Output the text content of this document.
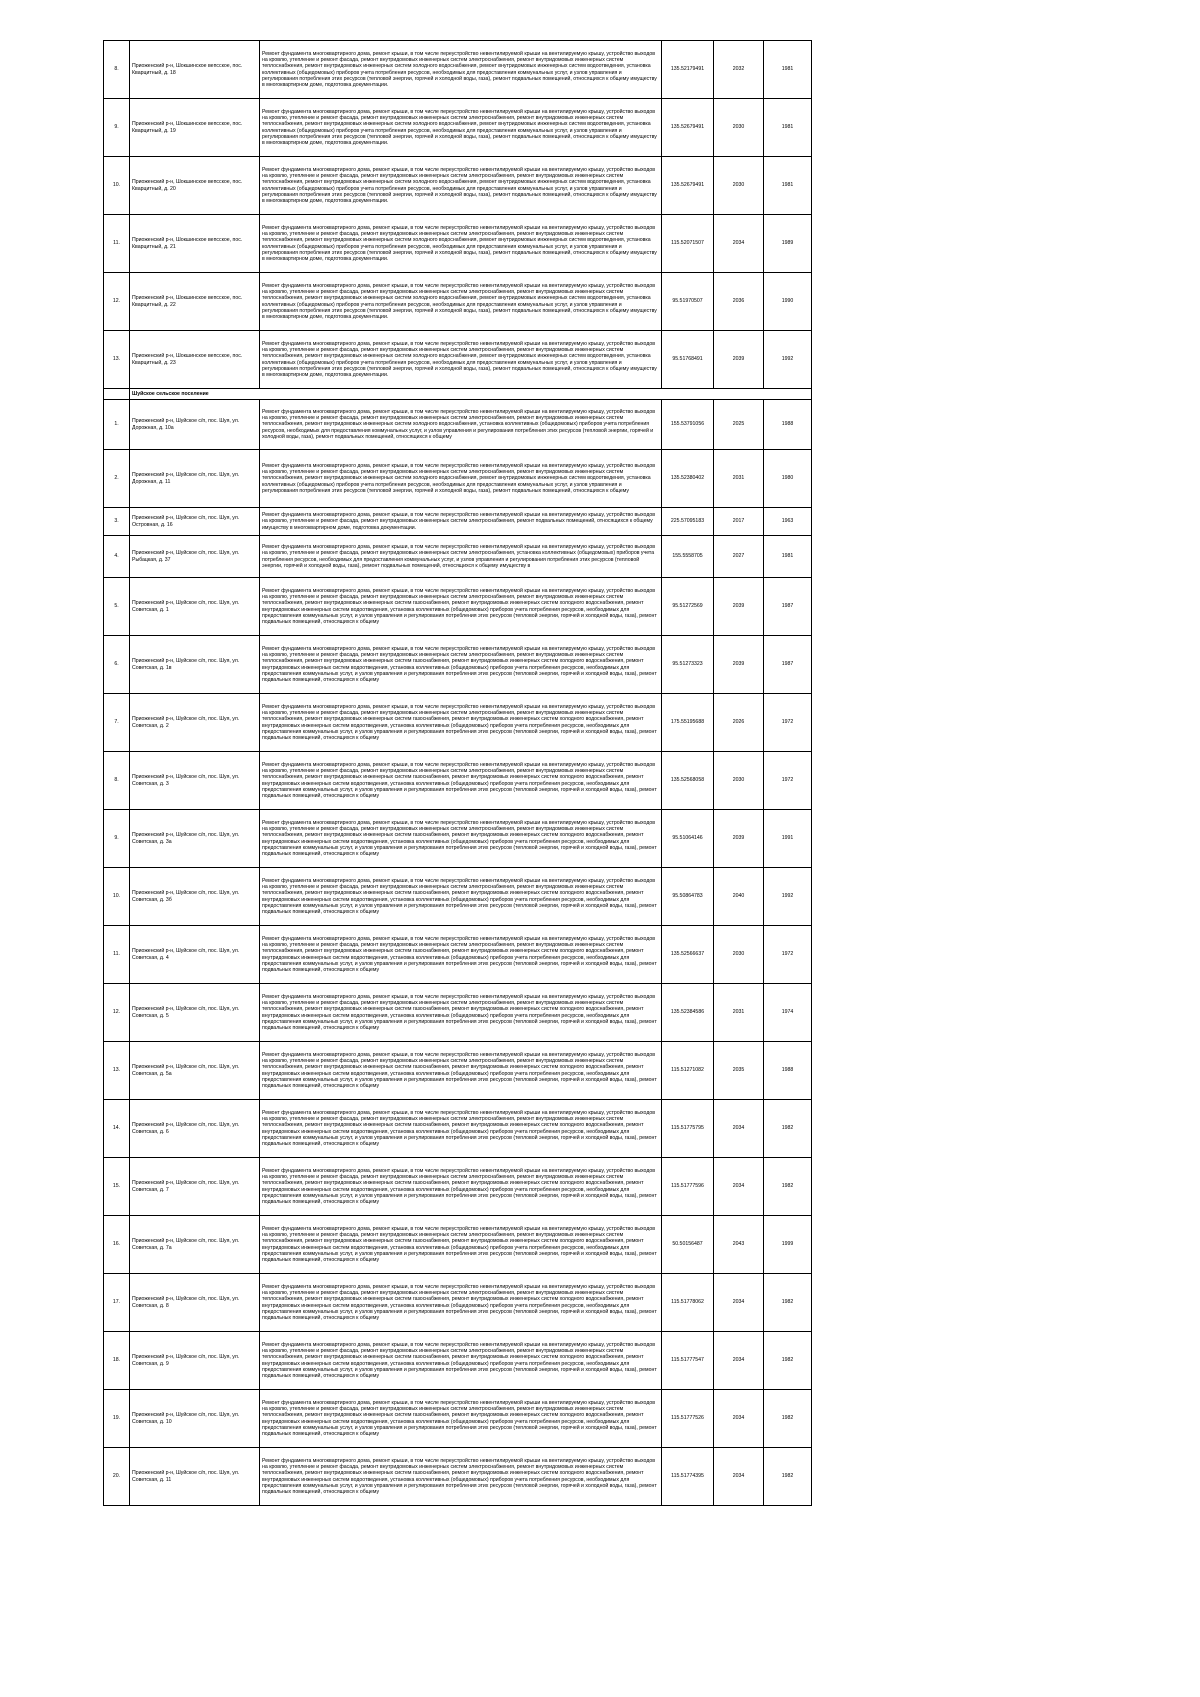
8.	Приоженский р-н, Шокшинское вепсское, пос. Кварцитный, д. 18	Ремонт фундамента многоквартирного дома, ремонт крыши, в том числе переустройство невентилируемой крыши на вентилируемую крышу, устройство выходов на кровлю, утепление и ремонт фасада, ремонт внутридомовых инженерных систем электроснабжения, ремонт внутридомовых инженерных систем теплоснабжения, ремонт внутридомовых инженерных систем холодного водоснабжения, ремонт внутридомовых инженерных систем водоотведения, установка коллективных (общедомовых) приборов учета потребления ресурсов, необходимых для предоставления коммунальных услуг, и узлов управления и регулирования потребления этих ресурсов (тепловой энергии, горячей и холодной воды, газа), ремонт подвальных помещений, относящихся к общему имуществу в многоквартирном доме, подготовка документации.	135.52179491	2032	1981
9.	Приоженский р-н, Шокшинское вепсское, пос. Кварцитный, д. 19	Ремонт фундамента многоквартирного дома, ремонт крыши, в том числе переустройство невентилируемой крыши на вентилируемую крышу, устройство выходов на кровлю, утепление и ремонт фасада, ремонт внутридомовых инженерных систем электроснабжения, ремонт внутридомовых инженерных систем теплоснабжения, ремонт внутридомовых инженерных систем холодного водоснабжения, ремонт внутридомовых инженерных систем водоотведения, установка коллективных (общедомовых) приборов учета потребления ресурсов, необходимых для предоставления коммунальных услуг, и узлов управления и регулирования потребления этих ресурсов (тепловой энергии, горячей и холодной воды, газа), ремонт подвальных помещений, относящихся к общему имуществу в многоквартирном доме, подготовка документации.	135.52679491	2030	1981
10.	Приоженский р-н, Шокшинское вепсское, пос. Кварцитный, д. 20	Ремонт фундамента многоквартирного дома, ремонт крыши, в том числе переустройство невентилируемой крыши на вентилируемую крышу, устройство выходов на кровлю, утепление и ремонт фасада, ремонт внутридомовых инженерных систем электроснабжения, ремонт внутридомовых инженерных систем теплоснабжения, ремонт внутридомовых инженерных систем холодного водоснабжения, ремонт внутридомовых инженерных систем водоотведения, установка коллективных (общедомовых) приборов учета потребления ресурсов, необходимых для предоставления коммунальных услуг, и узлов управления и регулирования потребления этих ресурсов (тепловой энергии, горячей и холодной воды, газа), ремонт подвальных помещений, относящихся к общему имуществу в многоквартирном доме, подготовка документации.	135.52679491	2030	1981
11.	Приоженский р-н, Шокшинское вепсское, пос. Кварцитный, д. 21	Ремонт фундамента многоквартирного дома, ремонт крыши, в том числе переустройство невентилируемой крыши на вентилируемую крышу, устройство выходов на кровлю, утепление и ремонт фасада, ремонт внутридомовых инженерных систем электроснабжения, ремонт внутридомовых инженерных систем теплоснабжения, ремонт внутридомовых инженерных систем холодного водоснабжения, ремонт внутридомовых инженерных систем водоотведения, установка коллективных (общедомовых) приборов учета потребления ресурсов, необходимых для предоставления коммунальных услуг, и узлов управления и регулирования потребления этих ресурсов (тепловой энергии, горячей и холодной воды, газа), ремонт подвальных помещений, относящихся к общему имуществу в многоквартирном доме, подготовка документации.	115.52071507	2034	1989
12.	Приоженский р-н, Шокшинское вепсское, пос. Кварцитный, д. 22	Ремонт фундамента многоквартирного дома, ремонт крыши, в том числе переустройство невентилируемой крыши на вентилируемую крышу, устройство выходов на кровлю, утепление и ремонт фасада, ремонт внутридомовых инженерных систем электроснабжения, ремонт внутридомовых инженерных систем теплоснабжения, ремонт внутридомовых инженерных систем холодного водоснабжения, ремонт внутридомовых инженерных систем водоотведения, установка коллективных (общедомовых) приборов учета потребления ресурсов, необходимых для предоставления коммунальных услуг, и узлов управления и регулирования потребления этих ресурсов (тепловой энергии, горячей и холодной воды, газа), ремонт подвальных помещений, относящихся к общему имуществу в многоквартирном доме, подготовка документации.	95.51970507	2036	1990
13.	Приоженский р-н, Шокшинское вепсское, пос. Кварцитный, д. 23	Ремонт фундамента многоквартирного дома, ремонт крыши, в том числе переустройство невентилируемой крыши на вентилируемую крышу, устройство выходов на кровлю, утепление и ремонт фасада, ремонт внутридомовых инженерных систем электроснабжения, ремонт внутридомовых инженерных систем теплоснабжения, ремонт внутридомовых инженерных систем холодного водоснабжения, ремонт внутридомовых инженерных систем водоотведения, установка коллективных (общедомовых) приборов учета потребления ресурсов, необходимых для предоставления коммунальных услуг, и узлов управления и регулирования потребления этих ресурсов (тепловой энергии, горячей и холодной воды, газа), ремонт подвальных помещений, относящихся к общему имуществу в многоквартирном доме, подготовка документации.	95.51768491	2039	1992
	Шуйское сельское поселение				
1.	Приоженский р-н, Шуйское с/п, пос. Шуя, ул. Дорожная, д. 10а	Ремонт фундамента многоквартирного дома, ремонт крыши, в том числе переустройство невентилируемой крыши на вентилируемую крышу, устройство выходов на кровлю, утепление и ремонт фасада, ремонт внутридомовых инженерных систем электроснабжения, ремонт внутридомовых инженерных систем теплоснабжения, ремонт внутридомовых инженерных систем холодного водоснабжения, установка коллективных (общедомовых) приборов учета потребления ресурсов, необходимых для предоставления коммунальных услуг, и узлов управления и регулирования потребления этих ресурсов (тепловой энергии, горячей и холодной воды, газа), ремонт подвальных помещений, относящихся к общему	155.53791056	2025	1988
2.	Приоженский р-н, Шуйское с/п, пос. Шуя, ул. Дорожная, д. 11	Ремонт фундамента многоквартирного дома, ремонт крыши, в том числе переустройство невентилируемой крыши на вентилируемую крышу, устройство выходов на кровлю, утепление и ремонт фасада, ремонт внутридомовых инженерных систем электроснабжения, ремонт внутридомовых инженерных систем теплоснабжения, ремонт внутридомовых инженерных систем холодного водоснабжения, ремонт внутридомовых инженерных систем водоотведения, установка коллективных (общедомовых) приборов учета потребления ресурсов, необходимых для предоставления коммунальных услуг, и узлов управления и регулирования потребления этих ресурсов (тепловой энергии, горячей и холодной воды, газа), ремонт подвальных помещений, относящихся к общему	135.52380402	2031	1980
3.	Приоженский р-н, Шуйское с/п, пос. Шуя, ул. Островная, д. 16	Ремонт фундамента многоквартирного дома, ремонт крыши, в том числе переустройство невентилируемой крыши на вентилируемую крышу, устройство выходов на кровлю, утепление и ремонт фасада, ремонт внутридомовых инженерных систем электроснабжения, ремонт подвальных помещений, относящихся к общему имуществу в многоквартирном доме, подготовка документации.	225.57095183	2017	1963
4.	Приоженский р-н, Шуйское с/п, пос. Шуя, ул. Рыбацкая, д. 37	Ремонт фундамента многоквартирного дома, ремонт крыши, в том числе переустройство невентилируемой крыши на вентилируемую крышу, устройство выходов на кровлю, утепление и ремонт фасада, ремонт внутридомовых инженерных систем электроснабжения, установка коллективных (общедомовых) приборов учета потребления ресурсов, необходимых для предоставления коммунальных услуг, и узлов управления и регулирования потребления этих ресурсов (тепловой энергии, горячей и холодной воды, газа), ремонт подвальных помещений, относящихся к общему имуществу в	155.5558705	2027	1981
5.	Приоженский р-н, Шуйское с/п, пос. Шуя, ул. Советская, д. 1	Ремонт фундамента многоквартирного дома, ремонт крыши, в том числе переустройство невентилируемой крыши на вентилируемую крышу, устройство выходов на кровлю, утепление и ремонт фасада, ремонт внутридомовых инженерных систем электроснабжения, ремонт внутридомовых инженерных систем теплоснабжения, ремонт внутридомовых инженерных систем газоснабжения, ремонт внутридомовых инженерных систем холодного водоснабжения, ремонт внутридомовых инженерных систем водоотведения, установка коллективных (общедомовых) приборов учета потребления ресурсов, необходимых для предоставления коммунальных услуг, и узлов управления и регулирования потребления этих ресурсов (тепловой энергии, горячей и холодной воды, газа), ремонт подвальных помещений, относящихся к общему	95.51272569	2039	1987
6.	Приоженский р-н, Шуйское с/п, пос. Шуя, ул. Советская, д. 1в	Ремонт фундамента многоквартирного дома, ремонт крыши, в том числе переустройство невентилируемой крыши на вентилируемую крышу, устройство выходов на кровлю, утепление и ремонт фасада, ремонт внутридомовых инженерных систем электроснабжения, ремонт внутридомовых инженерных систем теплоснабжения, ремонт внутридомовых инженерных систем газоснабжения, ремонт внутридомовых инженерных систем холодного водоснабжения, ремонт внутридомовых инженерных систем водоотведения, установка коллективных (общедомовых) приборов учета потребления ресурсов, необходимых для предоставления коммунальных услуг, и узлов управления и регулирования потребления этих ресурсов (тепловой энергии, горячей и холодной воды, газа), ремонт подвальных помещений, относящихся к общему	95.51273323	2039	1987
7.	Приоженский р-н, Шуйское с/п, пос. Шуя, ул. Советская, д. 2	Ремонт фундамента многоквартирного дома, ремонт крыши, в том числе переустройство невентилируемой крыши на вентилируемую крышу, устройство выходов на кровлю, утепление и ремонт фасада, ремонт внутридомовых инженерных систем электроснабжения, ремонт внутридомовых инженерных систем теплоснабжения, ремонт внутридомовых инженерных систем газоснабжения, ремонт внутридомовых инженерных систем холодного водоснабжения, ремонт внутридомовых инженерных систем водоотведения, установка коллективных (общедомовых) приборов учета потребления ресурсов, необходимых для предоставления коммунальных услуг, и узлов управления и регулирования потребления этих ресурсов (тепловой энергии, горячей и холодной воды, газа), ремонт подвальных помещений, относящихся к общему	175.55195688	2026	1972
8.	Приоженский р-н, Шуйское с/п, пос. Шуя, ул. Советская, д. 3	Ремонт фундамента многоквартирного дома, ремонт крыши, в том числе переустройство невентилируемой крыши на вентилируемую крышу, устройство выходов на кровлю, утепление и ремонт фасада, ремонт внутридомовых инженерных систем электроснабжения, ремонт внутридомовых инженерных систем теплоснабжения, ремонт внутридомовых инженерных систем газоснабжения, ремонт внутридомовых инженерных систем холодного водоснабжения, ремонт внутридомовых инженерных систем водоотведения, установка коллективных (общедомовых) приборов учета потребления ресурсов, необходимых для предоставления коммунальных услуг, и узлов управления и регулирования потребления этих ресурсов (тепловой энергии, горячей и холодной воды, газа), ремонт подвальных помещений, относящихся к общему	135.52568058	2030	1972
9.	Приоженский р-н, Шуйское с/п, пос. Шуя, ул. Советская, д. 3а	Ремонт фундамента многоквартирного дома, ремонт крыши, в том числе переустройство невентилируемой крыши на вентилируемую крышу, устройство выходов на кровлю, утепление и ремонт фасада, ремонт внутридомовых инженерных систем электроснабжения, ремонт внутридомовых инженерных систем теплоснабжения, ремонт внутридомовых инженерных систем газоснабжения, ремонт внутридомовых инженерных систем холодного водоснабжения, ремонт внутридомовых инженерных систем водоотведения, установка коллективных (общедомовых) приборов учета потребления ресурсов, необходимых для предоставления коммунальных услуг, и узлов управления и регулирования потребления этих ресурсов (тепловой энергии, горячей и холодной воды, газа), ремонт подвальных помещений, относящихся к общему	95.51064146	2039	1991
10.	Приоженский р-н, Шуйское с/п, пос. Шуя, ул. Советская, д. 3б	Ремонт фундамента многоквартирного дома, ремонт крыши, в том числе переустройство невентилируемой крыши на вентилируемую крышу, устройство выходов на кровлю, утепление и ремонт фасада, ремонт внутридомовых инженерных систем электроснабжения, ремонт внутридомовых инженерных систем теплоснабжения, ремонт внутридомовых инженерных систем газоснабжения, ремонт внутридомовых инженерных систем холодного водоснабжения, ремонт внутридомовых инженерных систем водоотведения, установка коллективных (общедомовых) приборов учета потребления ресурсов, необходимых для предоставления коммунальных услуг, и узлов управления и регулирования потребления этих ресурсов (тепловой энергии, горячей и холодной воды, газа), ремонт подвальных помещений, относящихся к общему	95.50864783	2040	1992
11.	Приоженский р-н, Шуйское с/п, пос. Шуя, ул. Советская, д. 4	Ремонт фундамента многоквартирного дома, ремонт крыши, в том числе переустройство невентилируемой крыши на вентилируемую крышу, устройство выходов на кровлю, утепление и ремонт фасада, ремонт внутридомовых инженерных систем электроснабжения, ремонт внутридомовых инженерных систем теплоснабжения, ремонт внутридомовых инженерных систем газоснабжения, ремонт внутридомовых инженерных систем холодного водоснабжения, ремонт внутридомовых инженерных систем водоотведения, установка коллективных (общедомовых) приборов учета потребления ресурсов, необходимых для предоставления коммунальных услуг, и узлов управления и регулирования потребления этих ресурсов (тепловой энергии, горячей и холодной воды, газа), ремонт подвальных помещений, относящихся к общему	135.52566637	2030	1972
12.	Приоженский р-н, Шуйское с/п, пос. Шуя, ул. Советская, д. 5	Ремонт фундамента многоквартирного дома, ремонт крыши, в том числе переустройство невентилируемой крыши на вентилируемую крышу, устройство выходов на кровлю, утепление и ремонт фасада, ремонт внутридомовых инженерных систем электроснабжения, ремонт внутридомовых инженерных систем теплоснабжения, ремонт внутридомовых инженерных систем газоснабжения, ремонт внутридомовых инженерных систем холодного водоснабжения, ремонт внутридомовых инженерных систем водоотведения, установка коллективных (общедомовых) приборов учета потребления ресурсов, необходимых для предоставления коммунальных услуг, и узлов управления и регулирования потребления этих ресурсов (тепловой энергии, горячей и холодной воды, газа), ремонт подвальных помещений, относящихся к общему	135.52384586	2031	1974
13.	Приоженский р-н, Шуйское с/п, пос. Шуя, ул. Советская, д. 5а	Ремонт фундамента многоквартирного дома, ремонт крыши, в том числе переустройство невентилируемой крыши на вентилируемую крышу, устройство выходов на кровлю, утепление и ремонт фасада, ремонт внутридомовых инженерных систем электроснабжения, ремонт внутридомовых инженерных систем теплоснабжения, ремонт внутридомовых инженерных систем газоснабжения, ремонт внутридомовых инженерных систем холодного водоснабжения, ремонт внутридомовых инженерных систем водоотведения, установка коллективных (общедомовых) приборов учета потребления ресурсов, необходимых для предоставления коммунальных услуг, и узлов управления и регулирования потребления этих ресурсов (тепловой энергии, горячей и холодной воды, газа), ремонт подвальных помещений, относящихся к общему	115.51271082	2035	1988
14.	Приоженский р-н, Шуйское с/п, пос. Шуя, ул. Советская, д. 6	Ремонт фундамента многоквартирного дома, ремонт крыши, в том числе переустройство невентилируемой крыши на вентилируемую крышу, устройство выходов на кровлю, утепление и ремонт фасада, ремонт внутридомовых инженерных систем электроснабжения, ремонт внутридомовых инженерных систем теплоснабжения, ремонт внутридомовых инженерных систем газоснабжения, ремонт внутридомовых инженерных систем холодного водоснабжения, ремонт внутридомовых инженерных систем водоотведения, установка коллективных (общедомовых) приборов учета потребления ресурсов, необходимых для предоставления коммунальных услуг, и узлов управления и регулирования потребления этих ресурсов (тепловой энергии, горячей и холодной воды, газа), ремонт подвальных помещений, относящихся к общему	115.51775795	2034	1982
15.	Приоженский р-н, Шуйское с/п, пос. Шуя, ул. Советская, д. 7	Ремонт фундамента многоквартирного дома, ремонт крыши, в том числе переустройство невентилируемой крыши на вентилируемую крышу, устройство выходов на кровлю, утепление и ремонт фасада, ремонт внутридомовых инженерных систем электроснабжения, ремонт внутридомовых инженерных систем теплоснабжения, ремонт внутридомовых инженерных систем газоснабжения, ремонт внутридомовых инженерных систем холодного водоснабжения, ремонт внутридомовых инженерных систем водоотведения, установка коллективных (общедомовых) приборов учета потребления ресурсов, необходимых для предоставления коммунальных услуг, и узлов управления и регулирования потребления этих ресурсов (тепловой энергии, горячей и холодной воды, газа), ремонт подвальных помещений, относящихся к общему	115.51777596	2034	1982
16.	Приоженский р-н, Шуйское с/п, пос. Шуя, ул. Советская, д. 7а	Ремонт фундамента многоквартирного дома, ремонт крыши, в том числе переустройство невентилируемой крыши на вентилируемую крышу, устройство выходов на кровлю, утепление и ремонт фасада, ремонт внутридомовых инженерных систем электроснабжения, ремонт внутридомовых инженерных систем теплоснабжения, ремонт внутридомовых инженерных систем газоснабжения, ремонт внутридомовых инженерных систем холодного водоснабжения, ремонт внутридомовых инженерных систем водоотведения, установка коллективных (общедомовых) приборов учета потребления ресурсов, необходимых для предоставления коммунальных услуг, и узлов управления и регулирования потребления этих ресурсов (тепловой энергии, горячей и холодной воды, газа), ремонт подвальных помещений, относящихся к общему	50.50156487	2043	1999
17.	Приоженский р-н, Шуйское с/п, пос. Шуя, ул. Советская, д. 8	Ремонт фундамента многоквартирного дома, ремонт крыши, в том числе переустройство невентилируемой крыши на вентилируемую крышу, устройство выходов на кровлю, утепление и ремонт фасада, ремонт внутридомовых инженерных систем электроснабжения, ремонт внутридомовых инженерных систем теплоснабжения, ремонт внутридомовых инженерных систем газоснабжения, ремонт внутридомовых инженерных систем холодного водоснабжения, ремонт внутридомовых инженерных систем водоотведения, установка коллективных (общедомовых) приборов учета потребления ресурсов, необходимых для предоставления коммунальных услуг, и узлов управления и регулирования потребления этих ресурсов (тепловой энергии, горячей и холодной воды, газа), ремонт подвальных помещений, относящихся к общему	115.51778062	2034	1982
18.	Приоженский р-н, Шуйское с/п, пос. Шуя, ул. Советская, д. 9	Ремонт фундамента многоквартирного дома, ремонт крыши, в том числе переустройство невентилируемой крыши на вентилируемую крышу, устройство выходов на кровлю, утепление и ремонт фасада, ремонт внутридомовых инженерных систем электроснабжения, ремонт внутридомовых инженерных систем теплоснабжения, ремонт внутридомовых инженерных систем газоснабжения, ремонт внутридомовых инженерных систем холодного водоснабжения, ремонт внутридомовых инженерных систем водоотведения, установка коллективных (общедомовых) приборов учета потребления ресурсов, необходимых для предоставления коммунальных услуг, и узлов управления и регулирования потребления этих ресурсов (тепловой энергии, горячей и холодной воды, газа), ремонт подвальных помещений, относящихся к общему	115.51777547	2034	1982
19.	Приоженский р-н, Шуйское с/п, пос. Шуя, ул. Советская, д. 10	Ремонт фундамента многоквартирного дома, ремонт крыши, в том числе переустройство невентилируемой крыши на вентилируемую крышу, устройство выходов на кровлю, утепление и ремонт фасада, ремонт внутридомовых инженерных систем электроснабжения, ремонт внутридомовых инженерных систем теплоснабжения, ремонт внутридомовых инженерных систем газоснабжения, ремонт внутридомовых инженерных систем холодного водоснабжения, ремонт внутридомовых инженерных систем водоотведения, установка коллективных (общедомовых) приборов учета потребления ресурсов, необходимых для предоставления коммунальных услуг, и узлов управления и регулирования потребления этих ресурсов (тепловой энергии, горячей и холодной воды, газа), ремонт подвальных помещений, относящихся к общему	115.51777526	2034	1982
20.	Приоженский р-н, Шуйское с/п, пос. Шуя, ул. Советская, д. 11	Ремонт фундамента многоквартирного дома, ремонт крыши, в том числе переустройство невентилируемой крыши на вентилируемую крышу, устройство выходов на кровлю, утепление и ремонт фасада, ремонт внутридомовых инженерных систем электроснабжения, ремонт внутридомовых инженерных систем теплоснабжения, ремонт внутридомовых инженерных систем газоснабжения, ремонт внутридомовых инженерных систем холодного водоснабжения, ремонт внутридомовых инженерных систем водоотведения, установка коллективных (общедомовых) приборов учета потребления ресурсов, необходимых для предоставления коммунальных услуг, и узлов управления и регулирования потребления этих ресурсов (тепловой энергии, горячей и холодной воды, газа), ремонт подвальных помещений, относящихся к общему	115.51774395	2034	1982
